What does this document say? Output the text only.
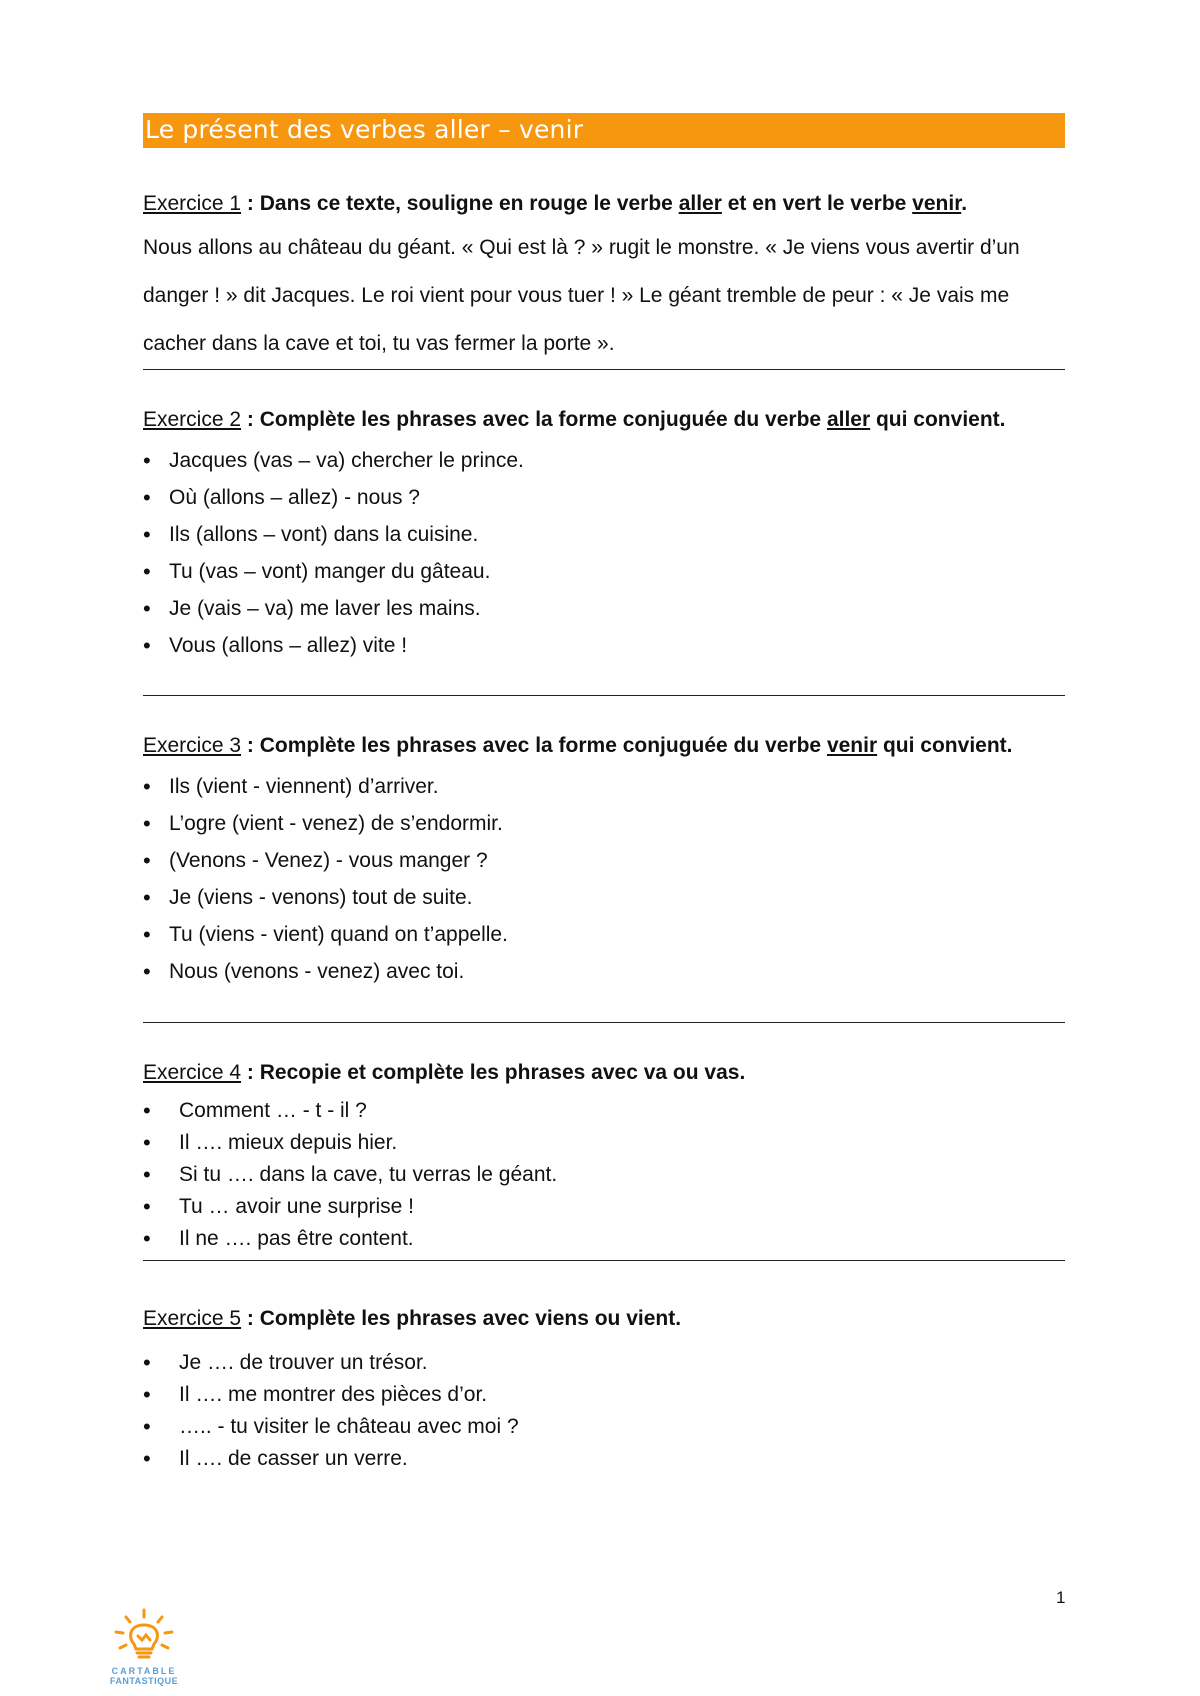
Le présent des verbes aller – venir
Exercice 1 : Dans ce texte, souligne en rouge le verbe aller et en vert le verbe venir.
Nous allons au château du géant. « Qui est là ? » rugit le monstre. « Je viens vous avertir d’un danger ! » dit Jacques. Le roi vient pour vous tuer ! » Le géant tremble de peur : « Je vais me cacher dans la cave et toi, tu vas fermer la porte ».
Exercice 2 : Complète les phrases avec la forme conjuguée du verbe aller qui convient.
• Jacques (vas – va) chercher le prince.
• Où (allons – allez) - nous ?
• Ils (allons – vont) dans la cuisine.
• Tu (vas – vont) manger du gâteau.
• Je (vais – va) me laver les mains.
• Vous (allons – allez) vite !
Exercice 3 : Complète les phrases avec la forme conjuguée du verbe venir qui convient.
• Ils (vient - viennent) d’arriver.
• L’ogre (vient - venez) de s’endormir.
• (Venons - Venez) - vous manger ?
• Je (viens - venons) tout de suite.
• Tu (viens - vient) quand on t’appelle.
• Nous (venons - venez) avec toi.
Exercice 4 : Recopie et complète les phrases avec va ou vas.
• Comment … - t - il ?
• Il …. mieux depuis hier.
• Si tu …. dans la cave, tu verras le géant.
• Tu … avoir une surprise !
• Il ne …. pas être content.
Exercice 5 : Complète les phrases avec viens ou vient.
• Je …. de trouver un trésor.
• Il …. me montrer des pièces d’or.
• ….. - tu visiter le château avec moi ?
• Il …. de casser un verre.
1
CARTABLE
FANTASTIQUE
